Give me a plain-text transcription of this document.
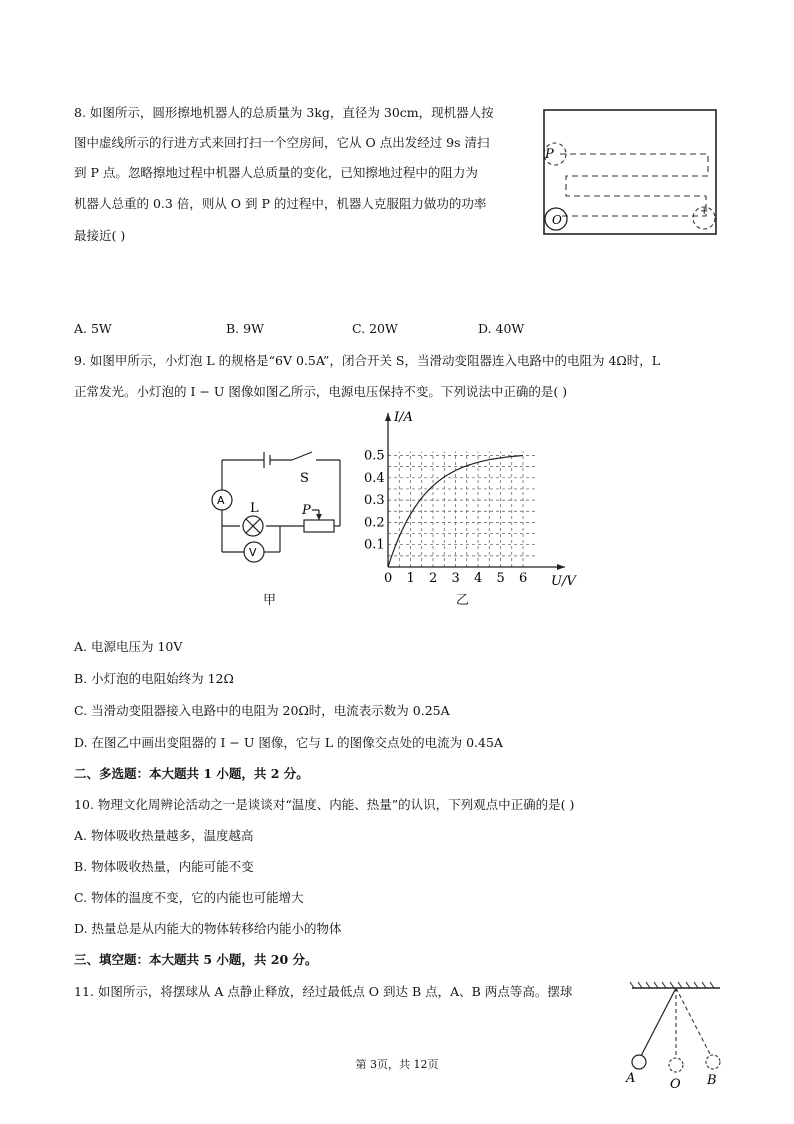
8. 如图所示，圆形擦地机器人的总质量为 3kg，直径为 30cm，现机器人按
图中虚线所示的行进方式来回打扫一个空房间，它从 O 点出发经过 9s 清扫
到 P 点。忽略擦地过程中机器人总质量的变化，已知擦地过程中的阻力为
机器人总重的 0.3 倍，则从 O 到 P 的过程中，机器人克服阻力做功的功率
最接近( )
P
O
+
A. 5W	B. 9W	C. 20W	D. 40W
9. 如图甲所示，小灯泡 L 的规格是“6V 0.5A”，闭合开关 S，当滑动变阻器连入电路中的电阻为 4Ω时，L
正常发光。小灯泡的 I − U 图像如图乙所示，电源电压保持不变。下列说法中正确的是( )
A
V
L
S
P
甲
0 1 2 3 4 5 6
0.1
0.2
0.3
0.4
0.5
U/V
I/A
乙
A. 电源电压为 10V
B. 小灯泡的电阻始终为 12Ω
C. 当滑动变阻器接入电路中的电阻为 20Ω时，电流表示数为 0.25A
D. 在图乙中画出变阻器的 I − U 图像，它与 L 的图像交点处的电流为 0.45A
二、多选题：本大题共 1 小题，共 2 分。
10. 物理文化周辨论活动之一是谈谈对“温度、内能、热量”的认识，下列观点中正确的是( )
A. 物体吸收热量越多，温度越高
B. 物体吸收热量，内能可能不变
C. 物体的温度不变，它的内能也可能增大
D. 热量总是从内能大的物体转移给内能小的物体
三、填空题：本大题共 5 小题，共 20 分。
11. 如图所示，将摆球从 A 点静止释放，经过最低点 O 到达 B 点，A、B 两点等高。摆球
A	O B
第 3页，共 12页
